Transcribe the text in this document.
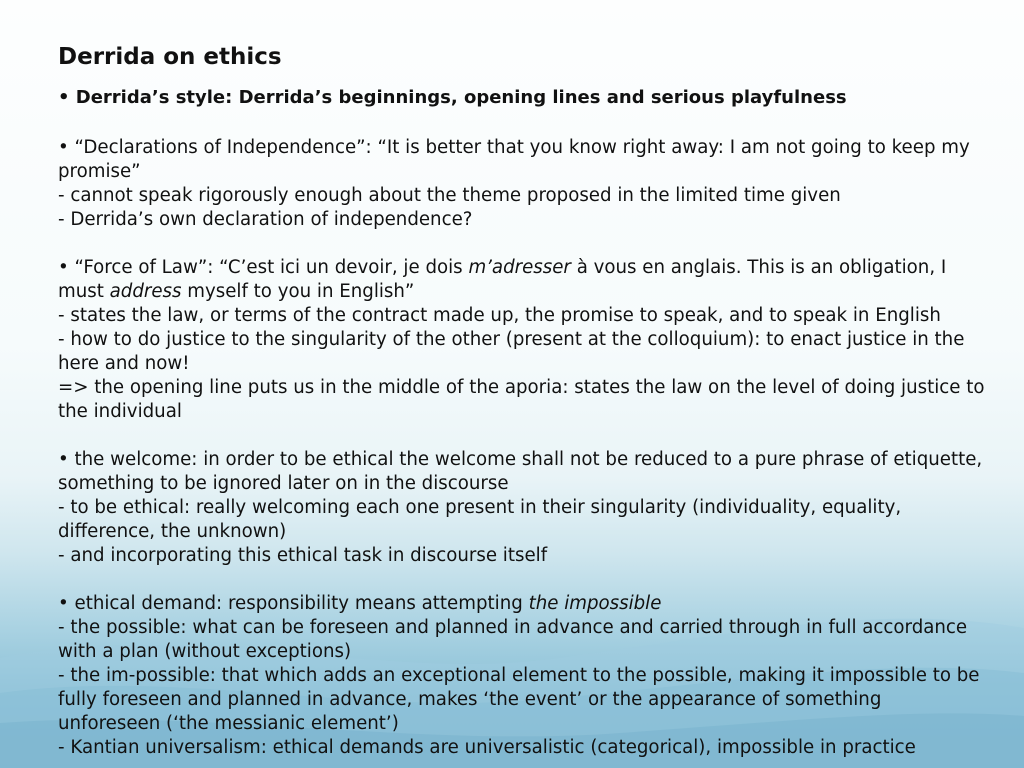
Derrida on ethics

• Derrida’s style: Derrida’s beginnings, opening lines and serious playfulness

• “Declarations of Independence”: “It is better that you know right away: I am not going to keep my promise”

- cannot speak rigorously enough about the theme proposed in the limited time given

- Derrida’s own declaration of independence?

• “Force of Law”: “C’est ici un devoir, je dois m’adresser à vous en anglais. This is an obligation, I must address myself to you in English”

- states the law, or terms of the contract made up, the promise to speak, and to speak in English

- how to do justice to the singularity of the other (present at the colloquium): to enact justice in the here and now!

=> the opening line puts us in the middle of the aporia: states the law on the level of doing justice to the individual

• the welcome: in order to be ethical the welcome shall not be reduced to a pure phrase of etiquette, something to be ignored later on in the discourse

- to be ethical: really welcoming each one present in their singularity (individuality, equality, difference, the unknown)

- and incorporating this ethical task in discourse itself

• ethical demand: responsibility means attempting the impossible

- the possible: what can be foreseen and planned in advance and carried through in full accordance with a plan (without exceptions)

- the im-possible: that which adds an exceptional element to the possible, making it impossible to be fully foreseen and planned in advance, makes ‘the event’ or the appearance of something unforeseen (‘the messianic element’)

- Kantian universalism: ethical demands are universalistic (categorical), impossible in practice
